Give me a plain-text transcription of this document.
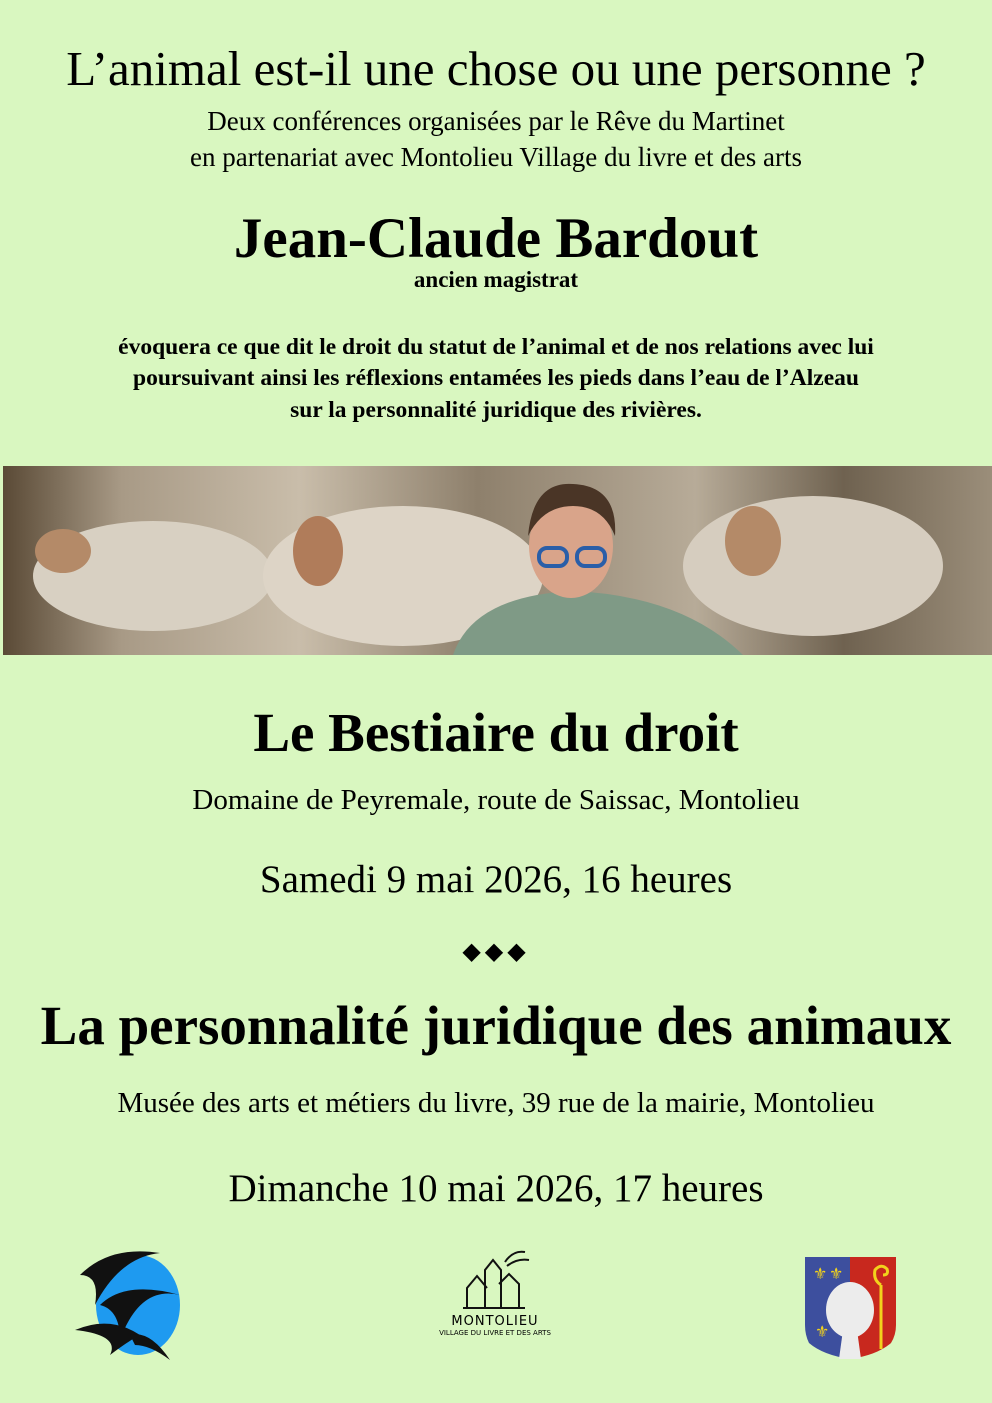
L’animal est-il une chose ou une personne ?
Deux conférences organisées par le Rêve du Martinet
en partenariat avec Montolieu Village du livre et des arts
Jean-Claude Bardout
ancien magistrat
évoquera ce que dit le droit du statut de l’animal et de nos relations avec lui
poursuivant ainsi les réflexions entamées les pieds dans l’eau de l’Alzeau
sur la personnalité juridique des rivières.
Le Bestiaire du droit
Domaine de Peyremale, route de Saissac, Montolieu
Samedi 9 mai 2026, 16 heures
◆◆◆
La personnalité juridique des animaux
Musée des arts et métiers du livre, 39 rue de la mairie, Montolieu
Dimanche 10 mai 2026, 17 heures
MONTOLIEU
VILLAGE DU LIVRE ET DES ARTS
⚜ ⚜
⚜
